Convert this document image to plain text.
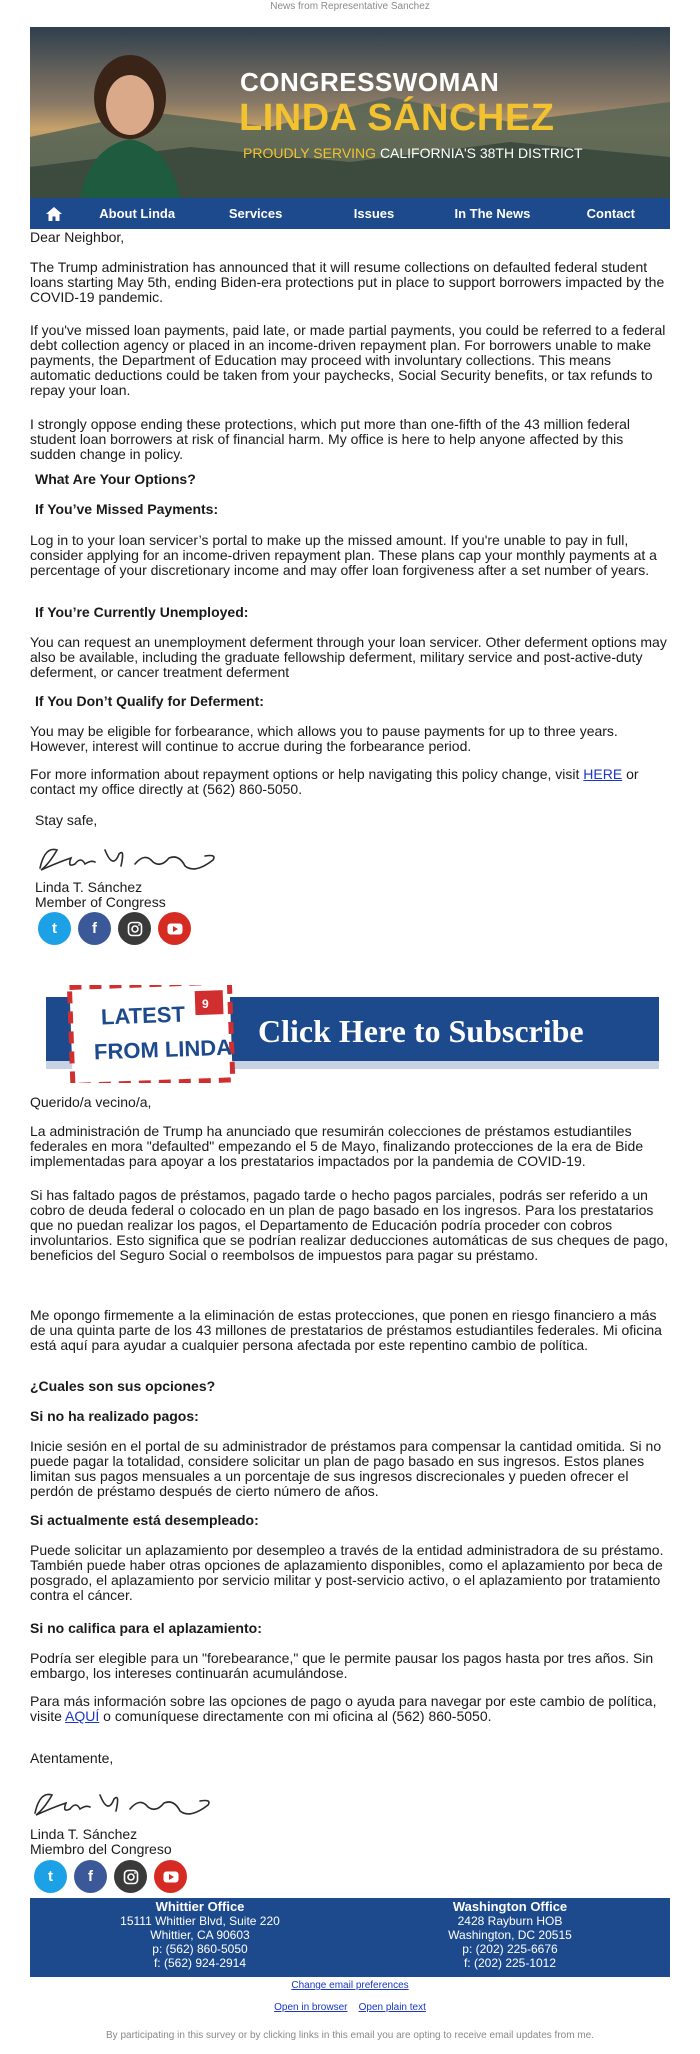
News from Representative Sanchez
CONGRESSWOMAN
LINDA SÁNCHEZ
PROUDLY SERVING CALIFORNIA'S 38TH DISTRICT
About Linda	Services	Issues	In The News	Contact

Dear Neighbor,

The Trump administration has announced that it will resume collections on defaulted federal student loans starting May 5th, ending Biden-era protections put in place to support borrowers impacted by the COVID-19 pandemic.

If you've missed loan payments, paid late, or made partial payments, you could be referred to a federal debt collection agency or placed in an income-driven repayment plan. For borrowers unable to make payments, the Department of Education may proceed with involuntary collections. This means automatic deductions could be taken from your paychecks, Social Security benefits, or tax refunds to repay your loan.

I strongly oppose ending these protections, which put more than one-fifth of the 43 million federal student loan borrowers at risk of financial harm. My office is here to help anyone affected by this sudden change in policy.

What Are Your Options?

If You’ve Missed Payments:

Log in to your loan servicer’s portal to make up the missed amount. If you're unable to pay in full, consider applying for an income-driven repayment plan. These plans cap your monthly payments at a percentage of your discretionary income and may offer loan forgiveness after a set number of years.

If You’re Currently Unemployed:

You can request an unemployment deferment through your loan servicer. Other deferment options may also be available, including the graduate fellowship deferment, military service and post-active-duty deferment, or cancer treatment deferment

If You Don’t Qualify for Deferment:

You may be eligible for forbearance, which allows you to pause payments for up to three years. However, interest will continue to accrue during the forbearance period.

For more information about repayment options or help navigating this policy change, visit HERE or contact my office directly at (562) 860-5050.

Stay safe,

Linda T. Sánchez

Member of Congress

t	f
LATEST
FROM LINDA
9
Click Here to Subscribe

Querido/a vecino/a,

La administración de Trump ha anunciado que resumirán colecciones de préstamos estudiantiles federales en mora "defaulted" empezando el 5 de Mayo, finalizando protecciones de la era de Bide implementadas para apoyar a los prestatarios impactados por la pandemia de COVID-19.

Si has faltado pagos de préstamos, pagado tarde o hecho pagos parciales, podrás ser referido a un cobro de deuda federal o colocado en un plan de pago basado en los ingresos. Para los prestatarios que no puedan realizar los pagos, el Departamento de Educación podría proceder con cobros involuntarios. Esto significa que se podrían realizar deducciones automáticas de sus cheques de pago, beneficios del Seguro Social o reembolsos de impuestos para pagar su préstamo.

Me opongo firmemente a la eliminación de estas protecciones, que ponen en riesgo financiero a más de una quinta parte de los 43 millones de prestatarios de préstamos estudiantiles federales. Mi oficina está aquí para ayudar a cualquier persona afectada por este repentino cambio de política.

¿Cuales son sus opciones?

Si no ha realizado pagos:

Inicie sesión en el portal de su administrador de préstamos para compensar la cantidad omitida. Si no puede pagar la totalidad, considere solicitar un plan de pago basado en sus ingresos. Estos planes limitan sus pagos mensuales a un porcentaje de sus ingresos discrecionales y pueden ofrecer el perdón de préstamo después de cierto número de años.

Si actualmente está desempleado:

Puede solicitar un aplazamiento por desempleo a través de la entidad administradora de su préstamo. También puede haber otras opciones de aplazamiento disponibles, como el aplazamiento por beca de posgrado, el aplazamiento por servicio militar y post-servicio activo, o el aplazamiento por tratamiento contra el cáncer.

Si no califica para el aplazamiento:

Podría ser elegible para un "forebearance," que le permite pausar los pagos hasta por tres años. Sin embargo, los intereses continuarán acumulándose.

Para más información sobre las opciones de pago o ayuda para navegar por este cambio de política, visite AQUÍ o comuníquese directamente con mi oficina al (562) 860-5050.

Atentamente,

Linda T. Sánchez

Miembro del Congreso

t	f
Whittier Office
15111 Whittier Blvd, Suite 220
Whittier, CA 90603
p: (562) 860-5050
f: (562) 924-2914
Washington Office
2428 Rayburn HOB
Washington, DC 20515
p: (202) 225-6676
f: (202) 225-1012
Change email preferences
Open in browser Open plain text
By participating in this survey or by clicking links in this email you are opting to receive email updates from me.
